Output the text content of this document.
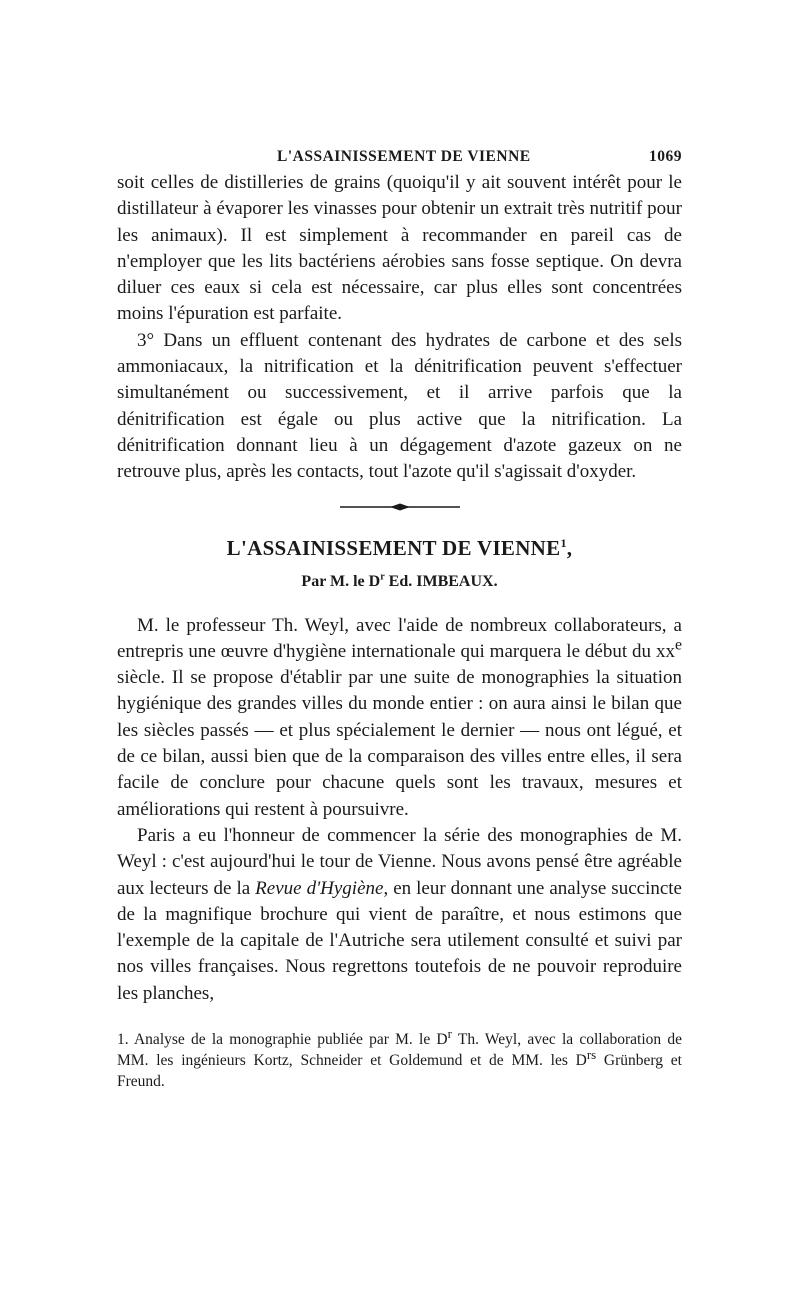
L'ASSAINISSEMENT DE VIENNE	1069

soit celles de distilleries de grains (quoiqu'il y ait souvent intérêt pour le distillateur à évaporer les vinasses pour obtenir un extrait très nutritif pour les animaux). Il est simplement à recommander en pareil cas de n'employer que les lits bactériens aérobies sans fosse septique. On devra diluer ces eaux si cela est nécessaire, car plus elles sont concentrées moins l'épuration est parfaite.

3° Dans un effluent contenant des hydrates de carbone et des sels ammoniacaux, la nitrification et la dénitrification peuvent s'effectuer simultanément ou successivement, et il arrive parfois que la dénitrification est égale ou plus active que la nitrification. La dénitrification donnant lieu à un dégagement d'azote gazeux on ne retrouve plus, après les contacts, tout l'azote qu'il s'agissait d'oxyder.

L'ASSAINISSEMENT DE VIENNE$^1$,
Par M. le $D^r$ Ed. IMBEAUX.

M. le professeur Th. Weyl, avec l'aide de nombreux collaborateurs, a entrepris une œuvre d'hygiène internationale qui marquera le début du $xx^e$ siècle. Il se propose d'établir par une suite de monographies la situation hygiénique des grandes villes du monde entier : on aura ainsi le bilan que les siècles passés — et plus spécialement le dernier — nous ont légué, et de ce bilan, aussi bien que de la comparaison des villes entre elles, il sera facile de conclure pour chacune quels sont les travaux, mesures et améliorations qui restent à poursuivre.

Paris a eu l'honneur de commencer la série des monographies de M. Weyl : c'est aujourd'hui le tour de Vienne. Nous avons pensé être agréable aux lecteurs de la Revue d'Hygiène, en leur donnant une analyse succincte de la magnifique brochure qui vient de paraître, et nous estimons que l'exemple de la capitale de l'Autriche sera utilement consulté et suivi par nos villes françaises. Nous regrettons toutefois de ne pouvoir reproduire les planches,

1. Analyse de la monographie publiée par M. le $D^r$ Th. Weyl, avec la collaboration de MM. les ingénieurs Kortz, Schneider et Goldemund et de MM. les $D^{rs}$ Grünberg et Freund.
